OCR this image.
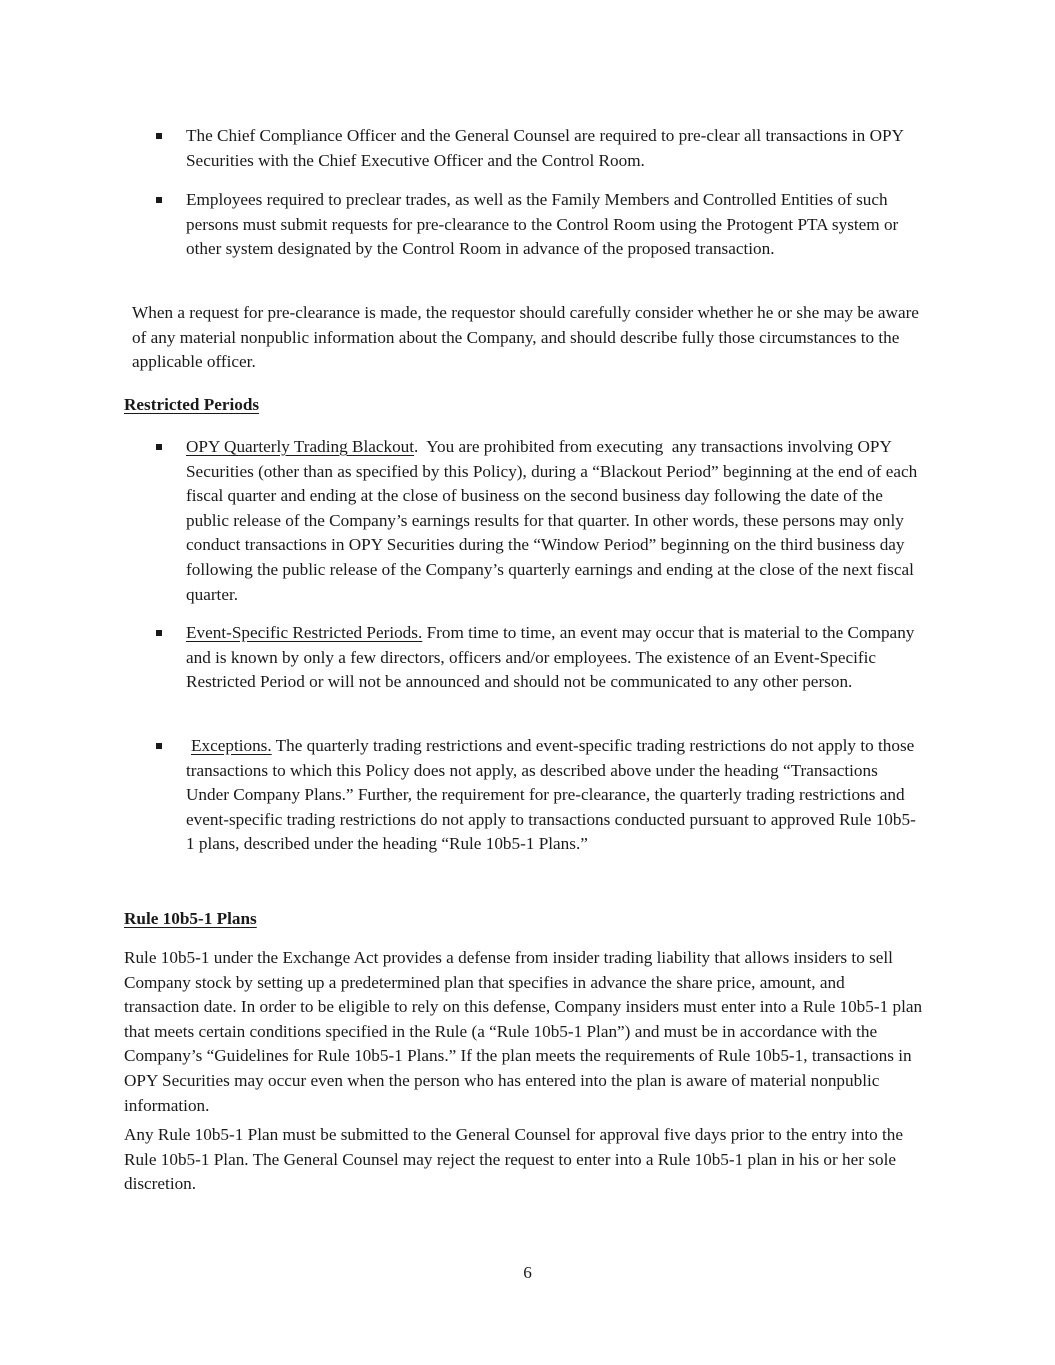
The Chief Compliance Officer and the General Counsel are required to pre-clear all transactions in OPY Securities with the Chief Executive Officer and the Control Room.
Employees required to preclear trades, as well as the Family Members and Controlled Entities of such persons must submit requests for pre-clearance to the Control Room using the Protogent PTA system or other system designated by the Control Room in advance of the proposed transaction.
When a request for pre-clearance is made, the requestor should carefully consider whether he or she may be aware of any material nonpublic information about the Company, and should describe fully those circumstances to the applicable officer.
Restricted Periods
OPY Quarterly Trading Blackout.  You are prohibited from executing  any transactions involving OPY Securities (other than as specified by this Policy), during a “Blackout Period” beginning at the end of each fiscal quarter and ending at the close of business on the second business day following the date of the public release of the Company’s earnings results for that quarter. In other words, these persons may only conduct transactions in OPY Securities during the “Window Period” beginning on the third business day following the public release of the Company’s quarterly earnings and ending at the close of the next fiscal quarter.
Event-Specific Restricted Periods. From time to time, an event may occur that is material to the Company and is known by only a few directors, officers and/or employees. The existence of an Event-Specific Restricted Period or will not be announced and should not be communicated to any other person.
Exceptions. The quarterly trading restrictions and event-specific trading restrictions do not apply to those transactions to which this Policy does not apply, as described above under the heading “Transactions Under Company Plans.” Further, the requirement for pre-clearance, the quarterly trading restrictions and event-specific trading restrictions do not apply to transactions conducted pursuant to approved Rule 10b5-1 plans, described under the heading “Rule 10b5-1 Plans.”
Rule 10b5-1 Plans
Rule 10b5-1 under the Exchange Act provides a defense from insider trading liability that allows insiders to sell Company stock by setting up a predetermined plan that specifies in advance the share price, amount, and transaction date. In order to be eligible to rely on this defense, Company insiders must enter into a Rule 10b5-1 plan that meets certain conditions specified in the Rule (a “Rule 10b5-1 Plan”) and must be in accordance with the Company’s “Guidelines for Rule 10b5-1 Plans.” If the plan meets the requirements of Rule 10b5-1, transactions in OPY Securities may occur even when the person who has entered into the plan is aware of material nonpublic information.
Any Rule 10b5-1 Plan must be submitted to the General Counsel for approval five days prior to the entry into the Rule 10b5-1 Plan. The General Counsel may reject the request to enter into a Rule 10b5-1 plan in his or her sole discretion.
6
